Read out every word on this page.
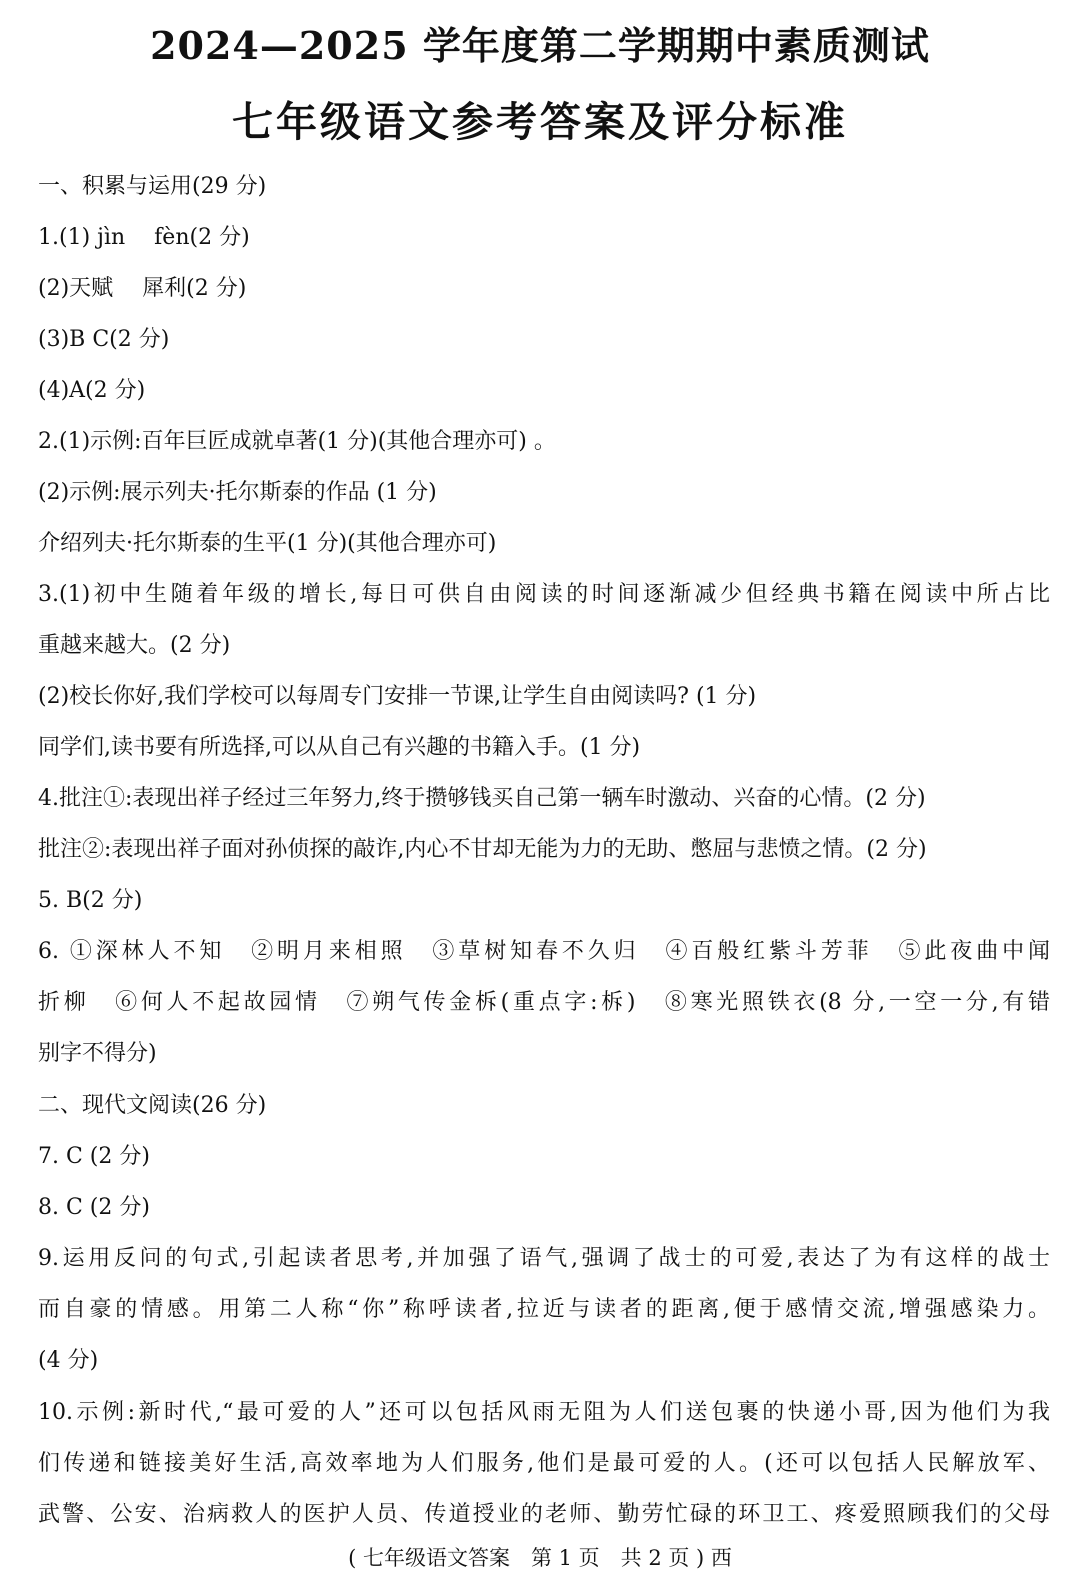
2024—2025 学年度第二学期期中素质测试
七年级语文参考答案及评分标准
一、积累与运用(29 分)
1.(1) jìn　 fèn(2 分)
(2)天赋　 犀利(2 分)
(3)B C(2 分)
(4)A(2 分)
2.(1)示例:百年巨匠成就卓著(1 分)(其他合理亦可) 。
(2)示例:展示列夫·托尔斯泰的作品 (1 分)
介绍列夫·托尔斯泰的生平(1 分)(其他合理亦可)
3.(1)初中生随着年级的增长,每日可供自由阅读的时间逐渐减少但经典书籍在阅读中所占比
重越来越大。(2 分)
(2)校长你好,我们学校可以每周专门安排一节课,让学生自由阅读吗? (1 分)
同学们,读书要有所选择,可以从自己有兴趣的书籍入手。(1 分)
4.批注①:表现出祥子经过三年努力,终于攒够钱买自己第一辆车时激动、兴奋的心情。(2 分)
批注②:表现出祥子面对孙侦探的敲诈,内心不甘却无能为力的无助、憋屈与悲愤之情。(2 分)
5. B(2 分)
6. ①深林人不知　②明月来相照　③草树知春不久归　④百般红紫斗芳菲　⑤此夜曲中闻
折柳　⑥何人不起故园情　⑦朔气传金柝(重点字:柝)　⑧寒光照铁衣(8 分,一空一分,有错
别字不得分)
二、现代文阅读(26 分)
7. C (2 分)
8. C (2 分)
9.运用反问的句式,引起读者思考,并加强了语气,强调了战士的可爱,表达了为有这样的战士
而自豪的情感。用第二人称“你”称呼读者,拉近与读者的距离,便于感情交流,增强感染力。
(4 分)
10.示例:新时代,“最可爱的人”还可以包括风雨无阻为人们送包裹的快递小哥,因为他们为我
们传递和链接美好生活,高效率地为人们服务,他们是最可爱的人。(还可以包括人民解放军、
武警、公安、治病救人的医护人员、传道授业的老师、勤劳忙碌的环卫工、疼爱照顾我们的父母
( 七年级语文答案　第 1 页　共 2 页 ) 西
